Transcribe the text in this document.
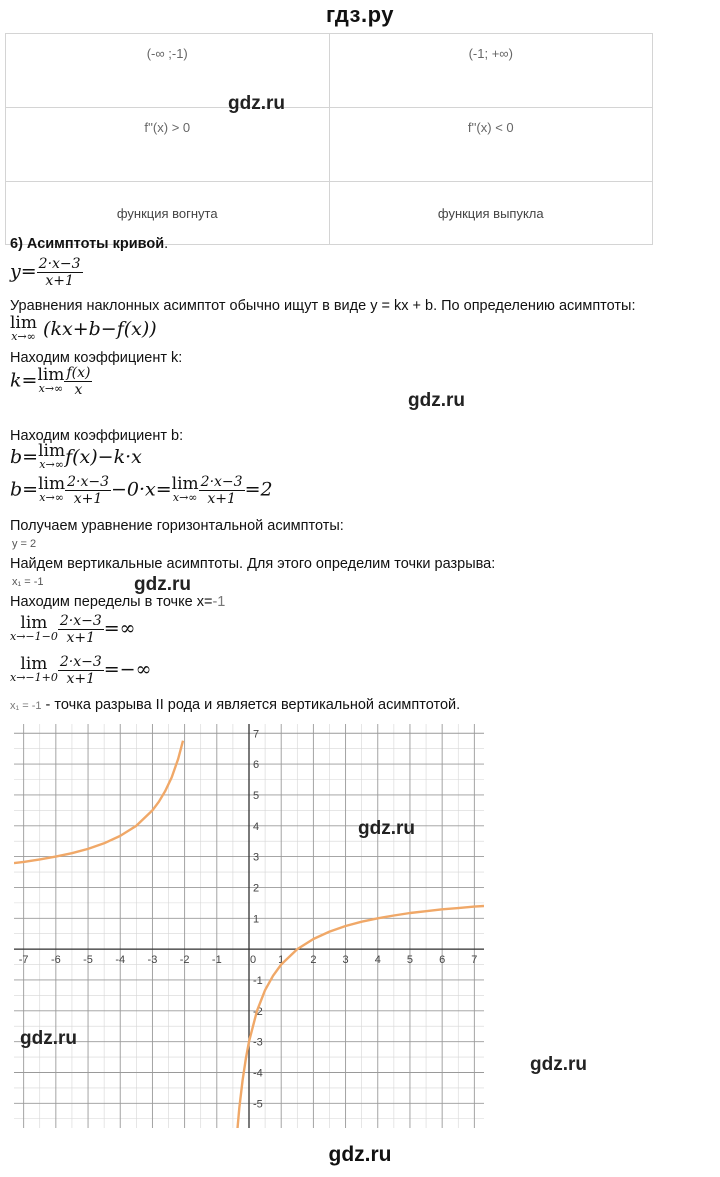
гдз.ру
(-∞ ;-1)	(-1; +∞)
f''(x) > 0	f''(x) < 0
функция вогнута	функция выпукла
gdz.ru
6) Асимптоты кривой.
$y= \frac{2\cdot x-3}{x+1}$
Уравнения наклонных асимптот обычно ищут в виде y = kx + b. По определению асимптоты:
lim
x→∞ (kx+b−f(x))
Находим коэффициент k:
k= lim
$x\to\infty \frac{f(x)}{x}$
gdz.ru
Находим коэффициент b:
b= lim
x→∞ f(x)−k·x
b= lim
$x\to\infty \frac{2\cdot x-3}{x+1} -0\cdot x= \lim$
$x\to\infty \frac{2\cdot x-3}{x+1} =2$
Получаем уравнение горизонтальной асимптоты:
y = 2
Найдем вертикальные асимптоты. Для этого определим точки разрыва:
x₁ = -1	gdz.ru
Находим переделы в точке x=-1
lim
$x\to-1-0 \frac{2\cdot x-3}{x+1}$ =∞
lim
$x\to-1+0 \frac{2\cdot x-3}{x+1}$ =−∞
x₁ = -1 - точка разрыва II рода и является вертикальной асимптотой.
-7 -6 -5 -4 -3 -2 -1	0 1 2 3 4 5 6 7
-5
-4
-3
-2
-1
1
2
3
4
5
6
7
gdz.ru
gdz.ru
gdz.ru
gdz.ru
